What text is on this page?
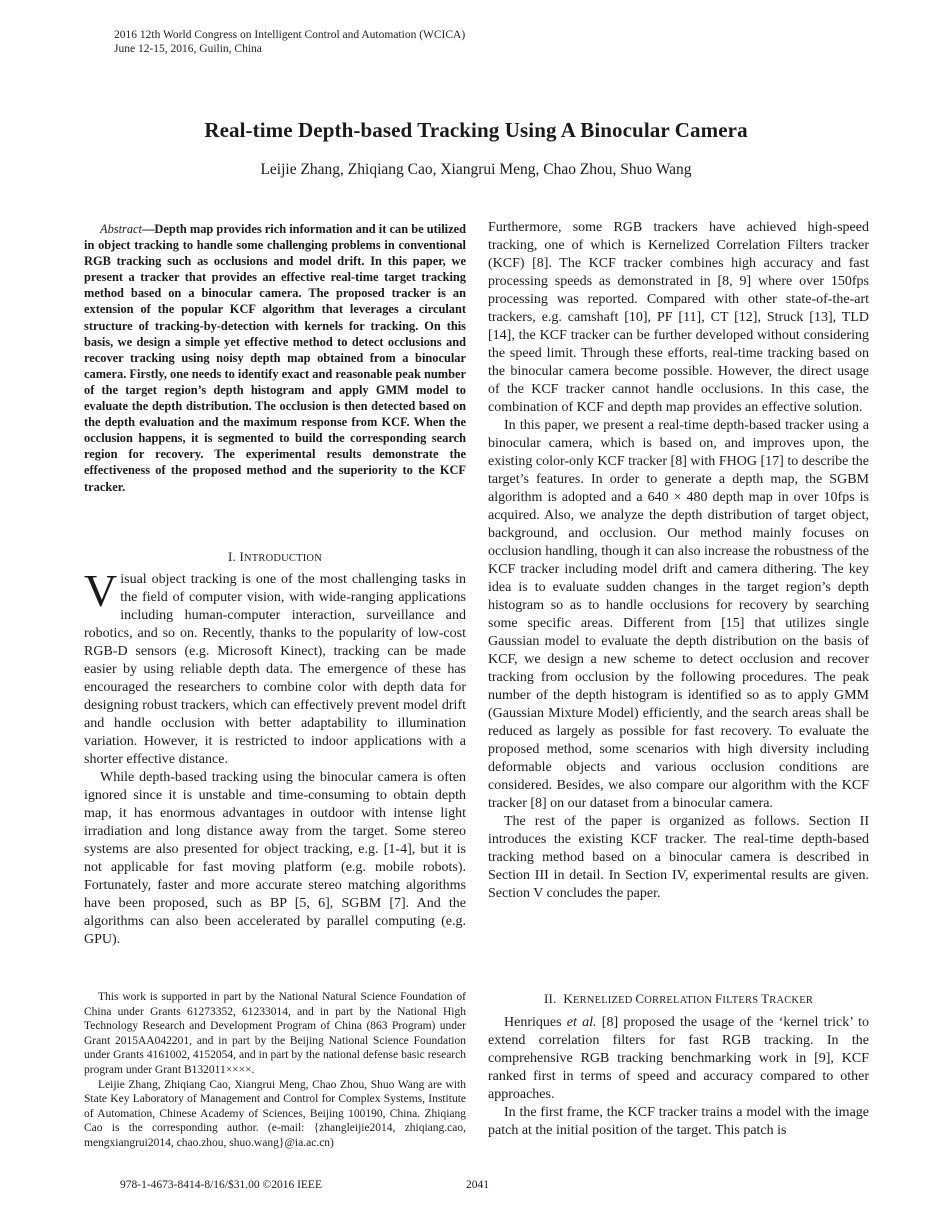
2016 12th World Congress on Intelligent Control and Automation (WCICA)
June 12-15, 2016, Guilin, China
Real-time Depth-based Tracking Using A Binocular Camera
Leijie Zhang, Zhiqiang Cao, Xiangrui Meng, Chao Zhou, Shuo Wang
Abstract—Depth map provides rich information and it can be utilized in object tracking to handle some challenging problems in conventional RGB tracking such as occlusions and model drift. In this paper, we present a tracker that provides an effective real-time target tracking method based on a binocular camera. The proposed tracker is an extension of the popular KCF algorithm that leverages a circulant structure of tracking-by-detection with kernels for tracking. On this basis, we design a simple yet effective method to detect occlusions and recover tracking using noisy depth map obtained from a binocular camera. Firstly, one needs to identify exact and reasonable peak number of the target region’s depth histogram and apply GMM model to evaluate the depth distribution. The occlusion is then detected based on the depth evaluation and the maximum response from KCF. When the occlusion happens, it is segmented to build the corresponding search region for recovery. The experimental results demonstrate the effectiveness of the proposed method and the superiority to the KCF tracker.
I. INTRODUCTION

Visual object tracking is one of the most challenging tasks in the field of computer vision, with wide-ranging applications including human-computer interaction, surveillance and robotics, and so on. Recently, thanks to the popularity of low-cost RGB-D sensors (e.g. Microsoft Kinect), tracking can be made easier by using reliable depth data. The emergence of these has encouraged the researchers to combine color with depth data for designing robust trackers, which can effectively prevent model drift and handle occlusion with better adaptability to illumination variation. However, it is restricted to indoor applications with a shorter effective distance.

While depth-based tracking using the binocular camera is often ignored since it is unstable and time-consuming to obtain depth map, it has enormous advantages in outdoor with intense light irradiation and long distance away from the target. Some stereo systems are also presented for object tracking, e.g. [1-4], but it is not applicable for fast moving platform (e.g. mobile robots). Fortunately, faster and more accurate stereo matching algorithms have been proposed, such as BP [5, 6], SGBM [7]. And the algorithms can also been accelerated by parallel computing (e.g. GPU).

This work is supported in part by the National Natural Science Foundation of China under Grants 61273352, 61233014, and in part by the National High Technology Research and Development Program of China (863 Program) under Grant 2015AA042201, and in part by the Beijing National Science Foundation under Grants 4161002, 4152054, and in part by the national defense basic research program under Grant B132011××××.

Leijie Zhang, Zhiqiang Cao, Xiangrui Meng, Chao Zhou, Shuo Wang are with State Key Laboratory of Management and Control for Complex Systems, Institute of Automation, Chinese Academy of Sciences, Beijing 100190, China. Zhiqiang Cao is the corresponding author. (e-mail: {zhangleijie2014, zhiqiang.cao, mengxiangrui2014, chao.zhou, shuo.wang}@ia.ac.cn)

Furthermore, some RGB trackers have achieved high-speed tracking, one of which is Kernelized Correlation Filters tracker (KCF) [8]. The KCF tracker combines high accuracy and fast processing speeds as demonstrated in [8, 9] where over 150fps processing was reported. Compared with other state-of-the-art trackers, e.g. camshaft [10], PF [11], CT [12], Struck [13], TLD [14], the KCF tracker can be further developed without considering the speed limit. Through these efforts, real-time tracking based on the binocular camera become possible. However, the direct usage of the KCF tracker cannot handle occlusions. In this case, the combination of KCF and depth map provides an effective solution.

In this paper, we present a real-time depth-based tracker using a binocular camera, which is based on, and improves upon, the existing color-only KCF tracker [8] with FHOG [17] to describe the target’s features. In order to generate a depth map, the SGBM algorithm is adopted and a 640 × 480 depth map in over 10fps is acquired. Also, we analyze the depth distribution of target object, background, and occlusion. Our method mainly focuses on occlusion handling, though it can also increase the robustness of the KCF tracker including model drift and camera dithering. The key idea is to evaluate sudden changes in the target region’s depth histogram so as to handle occlusions for recovery by searching some specific areas. Different from [15] that utilizes single Gaussian model to evaluate the depth distribution on the basis of KCF, we design a new scheme to detect occlusion and recover tracking from occlusion by the following procedures. The peak number of the depth histogram is identified so as to apply GMM (Gaussian Mixture Model) efficiently, and the search areas shall be reduced as largely as possible for fast recovery. To evaluate the proposed method, some scenarios with high diversity including deformable objects and various occlusion conditions are considered. Besides, we also compare our algorithm with the KCF tracker [8] on our dataset from a binocular camera.

The rest of the paper is organized as follows. Section II introduces the existing KCF tracker. The real-time depth-based tracking method based on a binocular camera is described in Section III in detail. In Section IV, experimental results are given. Section V concludes the paper.

II. KERNELIZED CORRELATION FILTERS TRACKER

Henriques et al. [8] proposed the usage of the ‘kernel trick’ to extend correlation filters for fast RGB tracking. In the comprehensive RGB tracking benchmarking work in [9], KCF ranked first in terms of speed and accuracy compared to other approaches.

In the first frame, the KCF tracker trains a model with the image patch at the initial position of the target. This patch is

978-1-4673-8414-8/16/$31.00 ©2016 IEEE	2041
